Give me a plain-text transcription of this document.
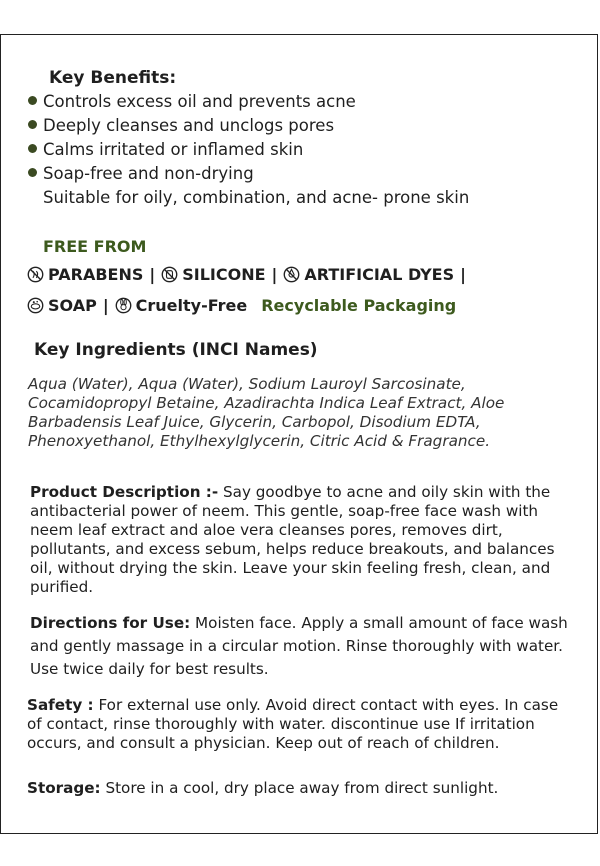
Key Benefits:
Controls excess oil and prevents acne
Deeply cleanses and unclogs pores
Calms irritated or inflamed skin
Soap-free and non-drying
Suitable for oily, combination, and acne- prone skin
FREE FROM
PARABENS | SILICONE | ARTIFICIAL DYES |
SOAP | Cruelty-Free Recyclable Packaging
Key Ingredients (INCI Names)
Aqua (Water), Aqua (Water), Sodium Lauroyl Sarcosinate, Cocamidopropyl Betaine, Azadirachta Indica Leaf Extract, Aloe Barbadensis Leaf Juice, Glycerin, Carbopol, Disodium EDTA, Phenoxyethanol, Ethylhexylglycerin, Citric Acid & Fragrance.
Product Description :- Say goodbye to acne and oily skin with the antibacterial power of neem. This gentle, soap-free face wash with neem leaf extract and aloe vera cleanses pores, removes dirt, pollutants, and excess sebum, helps reduce breakouts, and balances oil, without drying the skin. Leave your skin feeling fresh, clean, and purified.
Directions for Use: Moisten face. Apply a small amount of face wash and gently massage in a circular motion. Rinse thoroughly with water. Use twice daily for best results.
Safety : For external use only. Avoid direct contact with eyes. In case of contact, rinse thoroughly with water. discontinue use If irritation occurs, and consult a physician. Keep out of reach of children.
Storage: Store in a cool, dry place away from direct sunlight.
